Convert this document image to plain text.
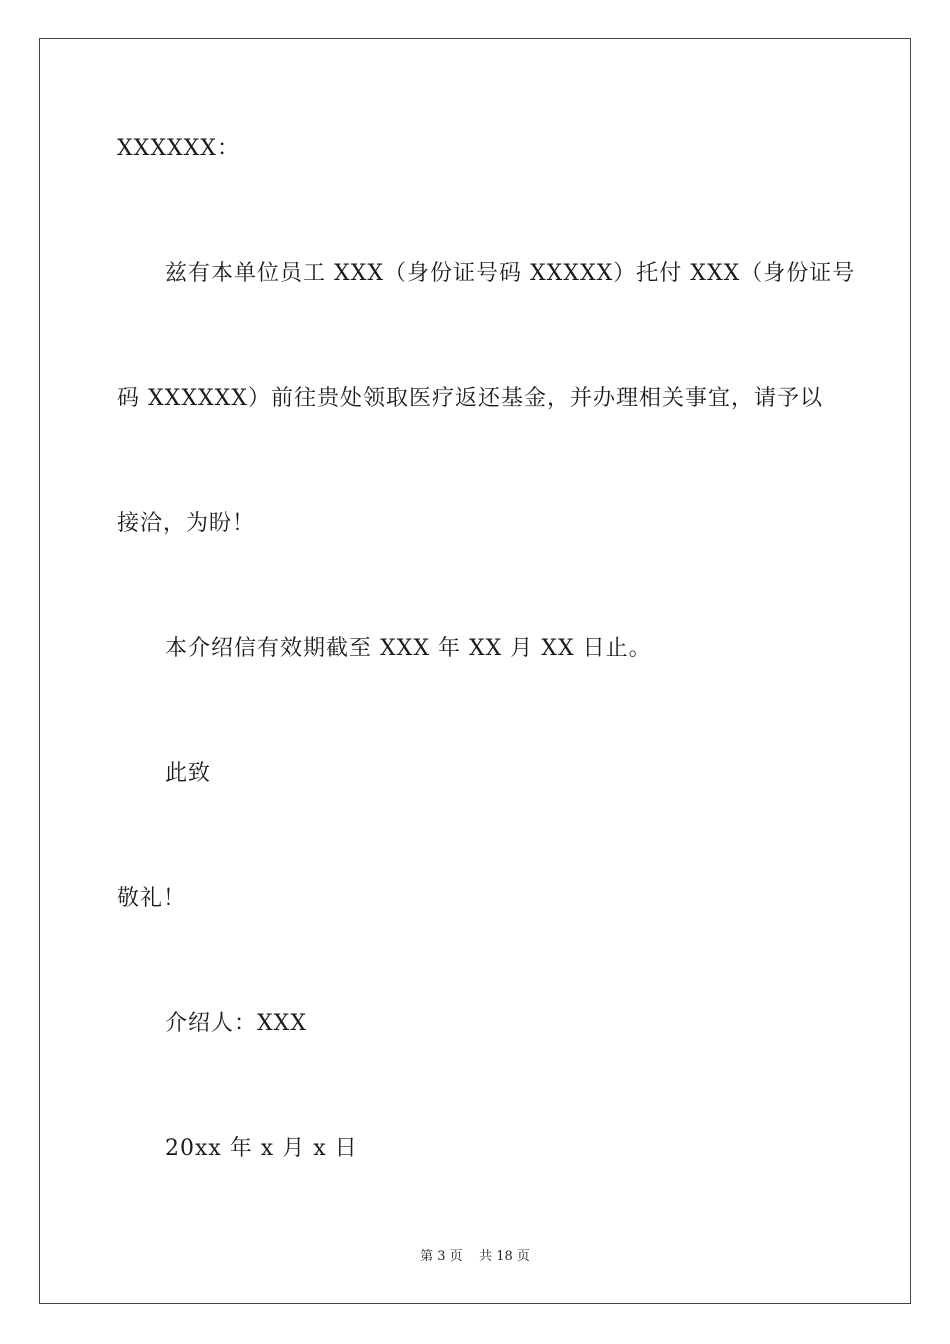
XXXXXX：
兹有本单位员工 XXX（身份证号码 XXXXX）托付 XXX（身份证号
码 XXXXXX）前往贵处领取医疗返还基金，并办理相关事宜，请予以
接洽，为盼！
本介绍信有效期截至 XXX 年 XX 月 XX 日止。
此致
敬礼！
介绍人：XXX
20xx 年 x 月 x 日
第 3 页    共 18 页
